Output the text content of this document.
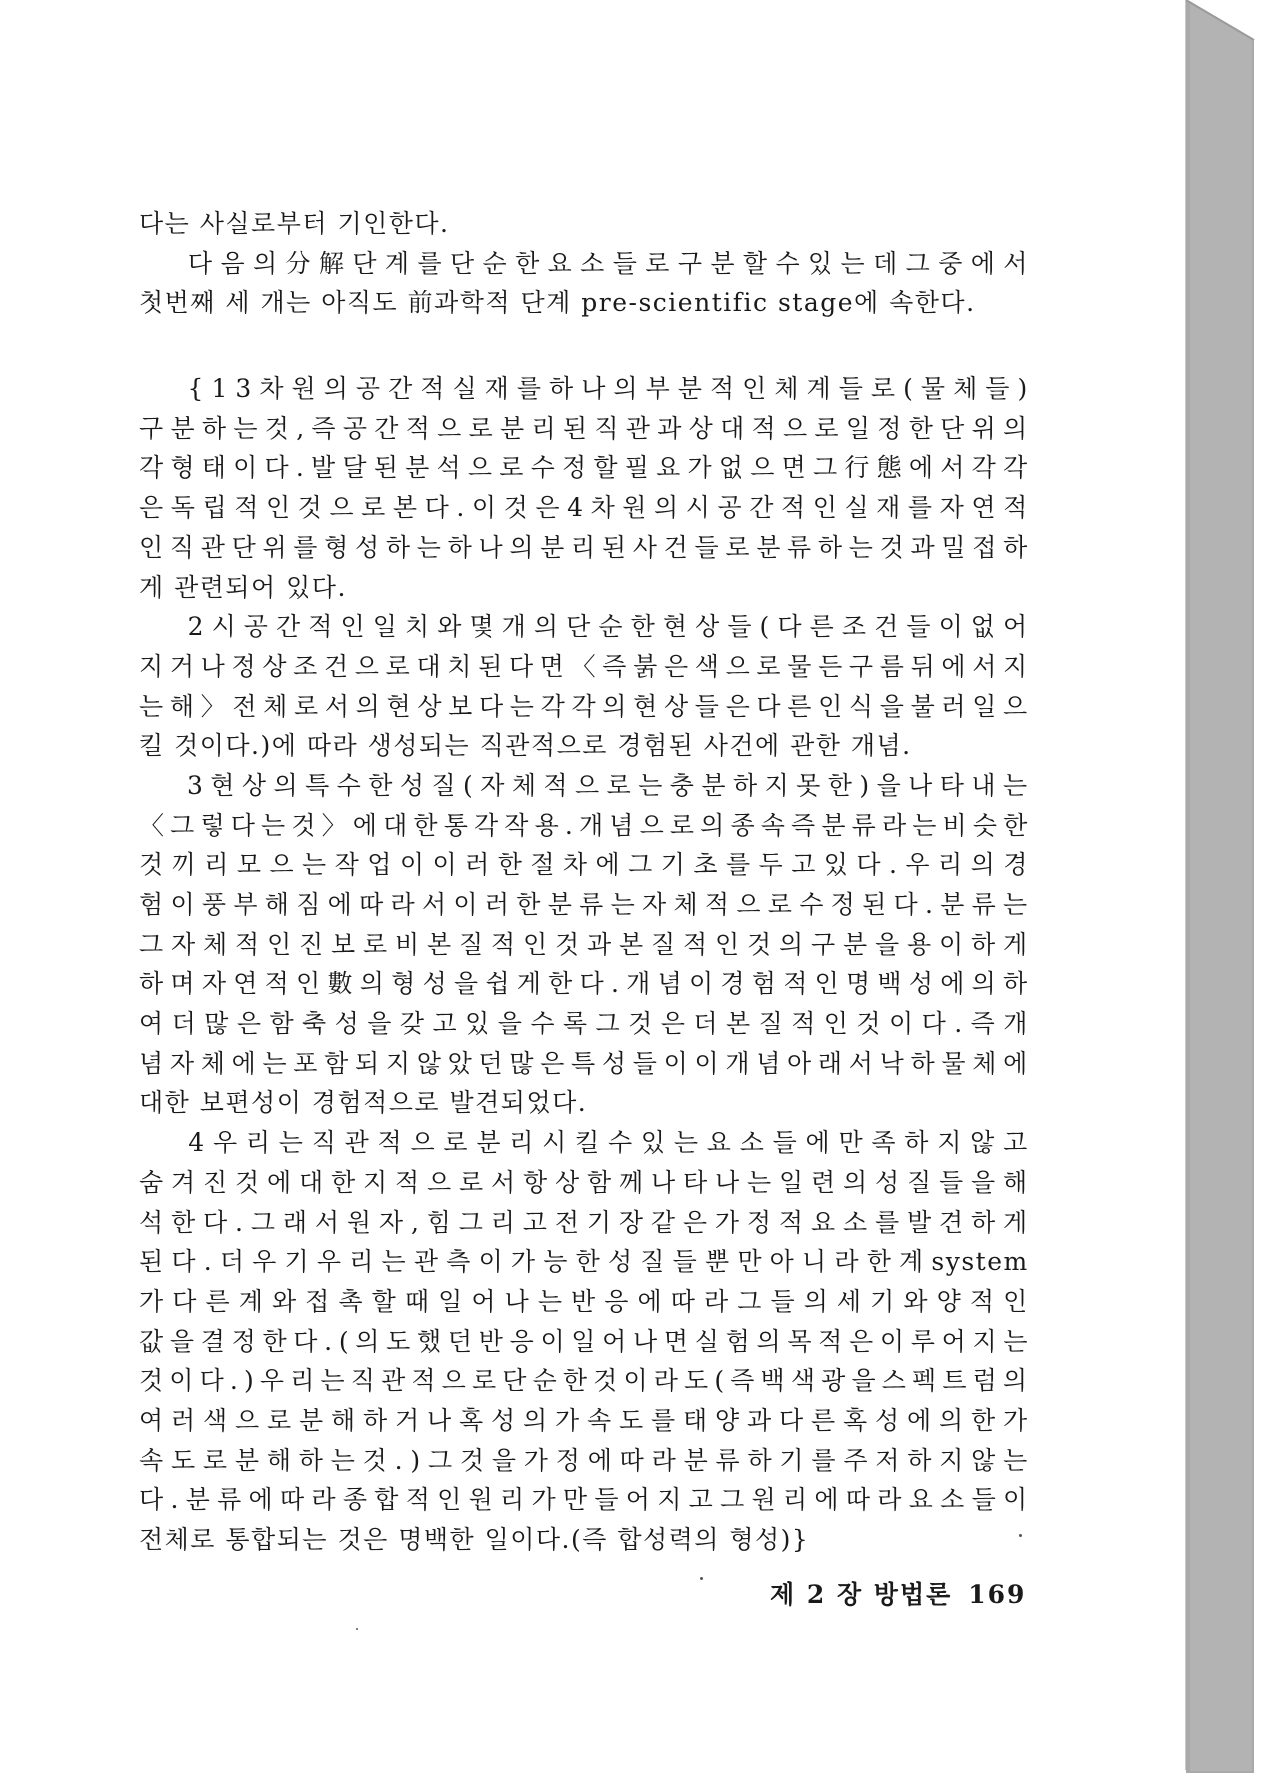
다는 사실로부터 기인한다.
다 음 의 分 解 단 계 를 단 순 한 요 소 들 로 구 분 할 수 있 는 데 그 중 에 서
첫번째 세 개는 아직도 前과학적 단계 pre-scientific stage에 속한다.
{ 1 3 차 원 의 공 간 적 실 재 를 하 나 의 부 분 적 인 체 계 들 로 ( 물 체 들 )
구 분 하 는 것 , 즉 공 간 적 으 로 분 리 된 직 관 과 상 대 적 으 로 일 정 한 단 위 의
각 형 태 이 다 . 발 달 된 분 석 으 로 수 정 할 필 요 가 없 으 면 그 行 態 에 서 각 각
은 독 립 적 인 것 으 로 본 다 . 이 것 은 4 차 원 의 시 공 간 적 인 실 재 를 자 연 적
인 직 관 단 위 를 형 성 하 는 하 나 의 분 리 된 사 건 들 로 분 류 하 는 것 과 밀 접 하
게 관련되어 있다.
2 시 공 간 적 인 일 치 와 몇 개 의 단 순 한 현 상 들 ( 다 른 조 건 들 이 없 어
지 거 나 정 상 조 건 으 로 대 치 된 다 면 〈 즉 붉 은 색 으 로 물 든 구 름 뒤 에 서 지
는 해 〉 전 체 로 서 의 현 상 보 다 는 각 각 의 현 상 들 은 다 른 인 식 을 불 러 일 으
킬 것이다.)에 따라 생성되는 직관적으로 경험된 사건에 관한 개념.
3 현 상 의 특 수 한 성 질 ( 자 체 적 으 로 는 충 분 하 지 못 한 ) 을 나 타 내 는
〈 그 렇 다 는 것 〉 에 대 한 통 각 작 용 . 개 념 으 로 의 종 속 즉 분 류 라 는 비 슷 한
것 끼 리 모 으 는 작 업 이 이 러 한 절 차 에 그 기 초 를 두 고 있 다 . 우 리 의 경
험 이 풍 부 해 짐 에 따 라 서 이 러 한 분 류 는 자 체 적 으 로 수 정 된 다 . 분 류 는
그 자 체 적 인 진 보 로 비 본 질 적 인 것 과 본 질 적 인 것 의 구 분 을 용 이 하 게
하 며 자 연 적 인 數 의 형 성 을 쉽 게 한 다 . 개 념 이 경 험 적 인 명 백 성 에 의 하
여 더 많 은 함 축 성 을 갖 고 있 을 수 록 그 것 은 더 본 질 적 인 것 이 다 . 즉 개
념 자 체 에 는 포 함 되 지 않 았 던 많 은 특 성 들 이 이 개 념 아 래 서 낙 하 물 체 에
대한 보편성이 경험적으로 발견되었다.
4 우 리 는 직 관 적 으 로 분 리 시 킬 수 있 는 요 소 들 에 만 족 하 지 않 고
숨 겨 진 것 에 대 한 지 적 으 로 서 항 상 함 께 나 타 나 는 일 련 의 성 질 들 을 해
석 한 다 . 그 래 서 원 자 , 힘 그 리 고 전 기 장 같 은 가 정 적 요 소 를 발 견 하 게
된 다 . 더 우 기 우 리 는 관 측 이 가 능 한 성 질 들 뿐 만 아 니 라 한 계 system
가 다 른 계 와 접 촉 할 때 일 어 나 는 반 응 에 따 라 그 들 의 세 기 와 양 적 인
값 을 결 정 한 다 . ( 의 도 했 던 반 응 이 일 어 나 면 실 험 의 목 적 은 이 루 어 지 는
것 이 다 . ) 우 리 는 직 관 적 으 로 단 순 한 것 이 라 도 ( 즉 백 색 광 을 스 펙 트 럼 의
여 러 색 으 로 분 해 하 거 나 혹 성 의 가 속 도 를 태 양 과 다 른 혹 성 에 의 한 가
속 도 로 분 해 하 는 것 . ) 그 것 을 가 정 에 따 라 분 류 하 기 를 주 저 하 지 않 는
다 . 분 류 에 따 라 종 합 적 인 원 리 가 만 들 어 지 고 그 원 리 에 따 라 요 소 들 이
전체로 통합되는 것은 명백한 일이다.(즉 합성력의 형성)}
제 2 장 방법론 169
